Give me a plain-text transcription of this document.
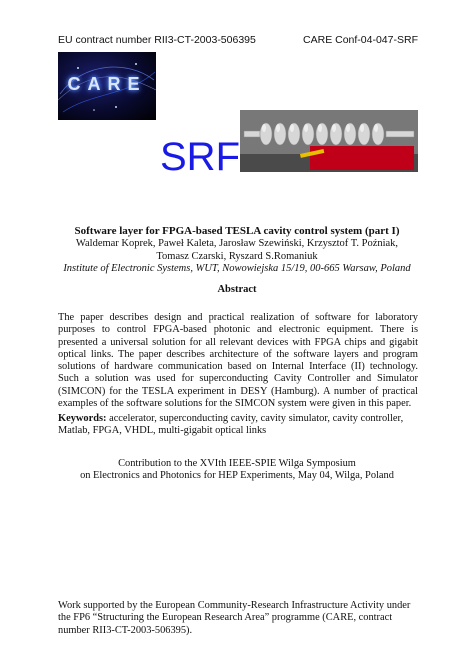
EU contract number RII3-CT-2003-506395	CARE Conf-04-047-SRF
CARE
SRF
Software layer for FPGA-based TESLA cavity control system (part I)
Waldemar Koprek, Paweł Kaleta, Jarosław Szewiński, Krzysztof T. Poźniak,
Tomasz Czarski, Ryszard S.Romaniuk
Institute of Electronic Systems, WUT, Nowowiejska 15/19, 00-665 Warsaw, Poland
Abstract
The paper describes design and practical realization of software for laboratory purposes to control FPGA-based photonic and electronic equipment. There is presented a universal solution for all relevant devices with FPGA chips and gigabit optical links. The paper describes architecture of the software layers and program solutions of hardware communication based on Internal Interface (II) technology. Such a solution was used for superconducting Cavity Controller and Simulator (SIMCON) for the TESLA experiment in DESY (Hamburg). A number of practical examples of the software solutions for the SIMCON system were given in this paper.
Keywords: accelerator, superconducting cavity, cavity simulator, cavity controller, Matlab, FPGA, VHDL, multi-gigabit optical links
Contribution to the XVIth IEEE-SPIE Wilga Symposium
on Electronics and Photonics for HEP Experiments, May 04, Wilga, Poland
Work supported by the European Community-Research Infrastructure Activity under the FP6 “Structuring the European Research Area” programme (CARE, contract number RII3-CT-2003-506395).
